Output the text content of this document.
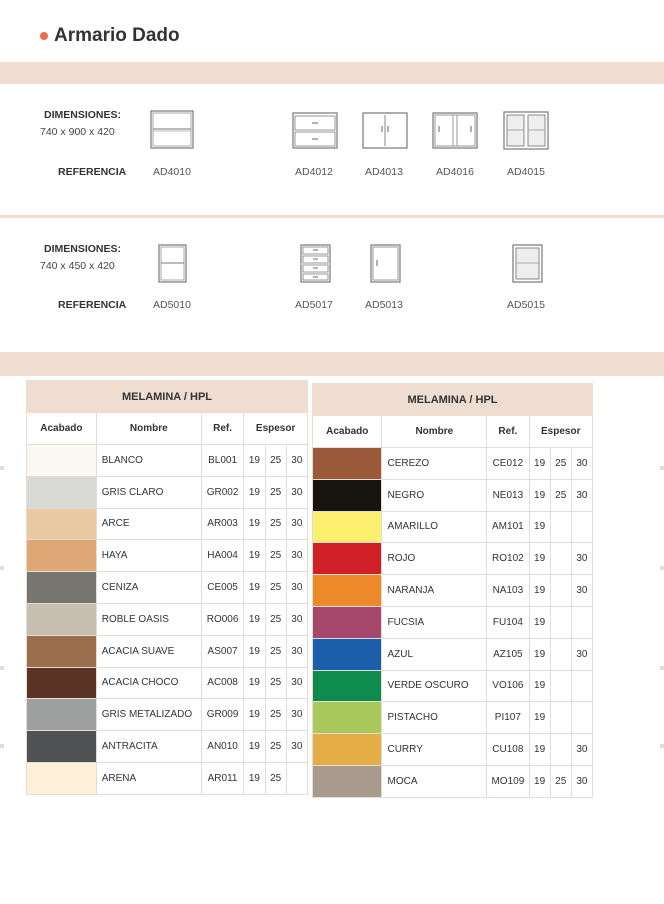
Armario Dado
DIMENSIONES:
740 x 900 x 420
REFERENCIA	AD4010	AD4012	AD4013	AD4016	AD4015
DIMENSIONES:
740 x 450 x 420
REFERENCIA	AD5010	AD5017	AD5013	AD5015
MELAMINA / HPL					
Acabado	Nombre	Ref.	Espesor		
	BLANCO	BL001	19	25	30
	GRIS CLARO	GR002	19	25	30
	ARCE	AR003	19	25	30
	HAYA	HA004	19	25	30
	CENIZA	CE005	19	25	30
	ROBLE OASIS	RO006	19	25	30
	ACACIA SUAVE	AS007	19	25	30
	ACACIA CHOCO	AC008	19	25	30
	GRIS METALIZADO	GR009	19	25	30
	ANTRACITA	AN010	19	25	30
	ARENA	AR011	19	25	
MELAMINA / HPL					
Acabado	Nombre	Ref.	Espesor		
	CEREZO	CE012	19	25	30
	NEGRO	NE013	19	25	30
	AMARILLO	AM101	19		
	ROJO	RO102	19		30
	NARANJA	NA103	19		30
	FUCSIA	FU104	19		
	AZUL	AZ105	19		30
	VERDE OSCURO	VO106	19		
	PISTACHO	PI107	19		
	CURRY	CU108	19		30
	MOCA	MO109	19	25	30
